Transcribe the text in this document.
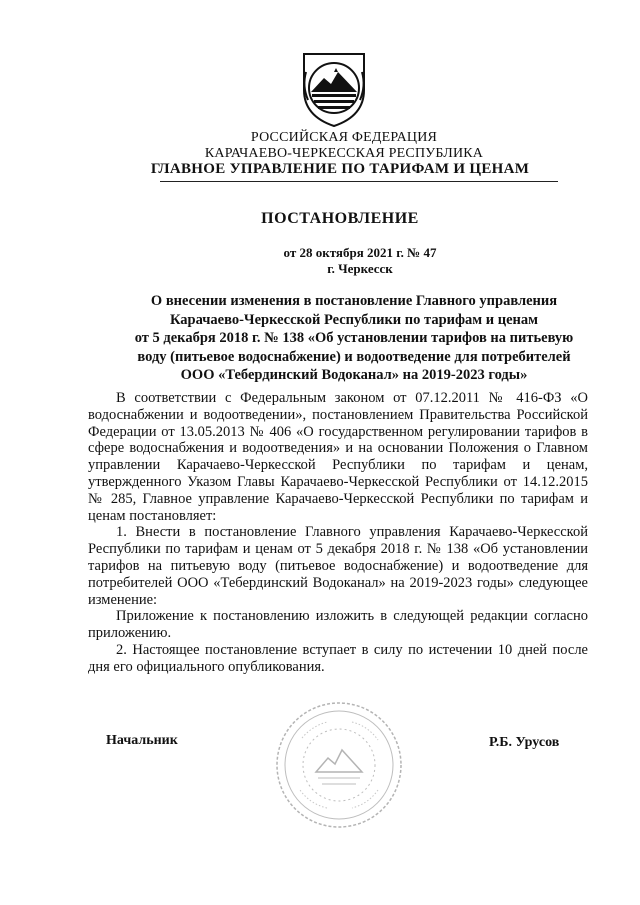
РОССИЙСКАЯ ФЕДЕРАЦИЯ
КАРАЧАЕВО-ЧЕРКЕССКАЯ РЕСПУБЛИКА
ГЛАВНОЕ УПРАВЛЕНИЕ ПО ТАРИФАМ И ЦЕНАМ
ПОСТАНОВЛЕНИЕ
от 28 октября 2021 г. № 47
г. Черкесск
О внесении изменения в постановление Главного управления
Карачаево-Черкесской Республики по тарифам и ценам
от 5 декабря 2018 г. № 138 «Об установлении тарифов на питьевую
воду (питьевое водоснабжение) и водоотведение для потребителей
ООО «Тебердинский Водоканал» на 2019-2023 годы»

В соответствии с Федеральным законом от 07.12.2011 № 416-ФЗ «О водоснабжении и водоотведении», постановлением Правительства Российской Федерации от 13.05.2013 № 406 «О государственном регулировании тарифов в сфере водоснабжения и водоотведения» и на основании Положения о Главном управлении Карачаево-Черкесской Республики по тарифам и ценам, утвержденного Указом Главы Карачаево-Черкесской Республики от 14.12.2015 № 285, Главное управление Карачаево-Черкесской Республики по тарифам и ценам постановляет:

1. Внести в постановление Главного управления Карачаево-Черкесской Республики по тарифам и ценам от 5 декабря 2018 г. № 138 «Об установлении тарифов на питьевую воду (питьевое водоснабжение) и водоотведение для потребителей ООО «Тебердинский Водоканал» на 2019-2023 годы» следующее изменение:

Приложение к постановлению изложить в следующей редакции согласно приложению.

2. Настоящее постановление вступает в силу по истечении 10 дней после дня его официального опубликования.

Начальник	Р.Б. Урусов
